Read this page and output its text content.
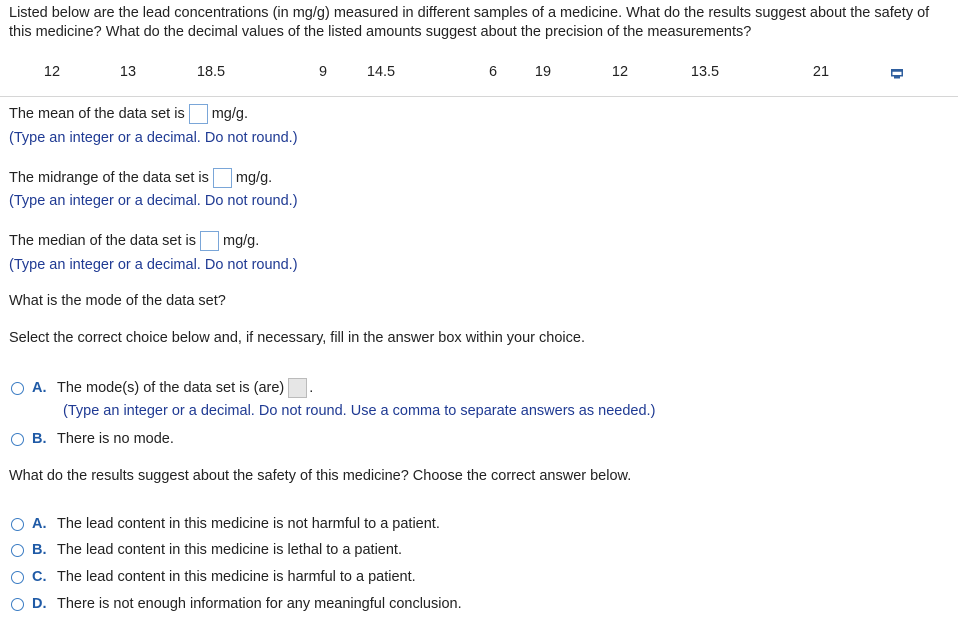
Listed below are the lead concentrations (in mg/g) measured in different samples of a medicine. What do the results suggest about the safety of this medicine? What do the decimal values of the listed amounts suggest about the precision of the measurements?
12	13	18.5	9	14.5	6	19	12	13.5	21
The mean of the data set is mg/g.
(Type an integer or a decimal. Do not round.)
The midrange of the data set is mg/g.
(Type an integer or a decimal. Do not round.)
The median of the data set is mg/g.
(Type an integer or a decimal. Do not round.)
What is the mode of the data set?
Select the correct choice below and, if necessary, fill in the answer box within your choice.
A. The mode(s) of the data set is (are) .
(Type an integer or a decimal. Do not round. Use a comma to separate answers as needed.)
B. There is no mode.
What do the results suggest about the safety of this medicine? Choose the correct answer below.
A. The lead content in this medicine is not harmful to a patient.
B. The lead content in this medicine is lethal to a patient.
C. The lead content in this medicine is harmful to a patient.
D. There is not enough information for any meaningful conclusion.
